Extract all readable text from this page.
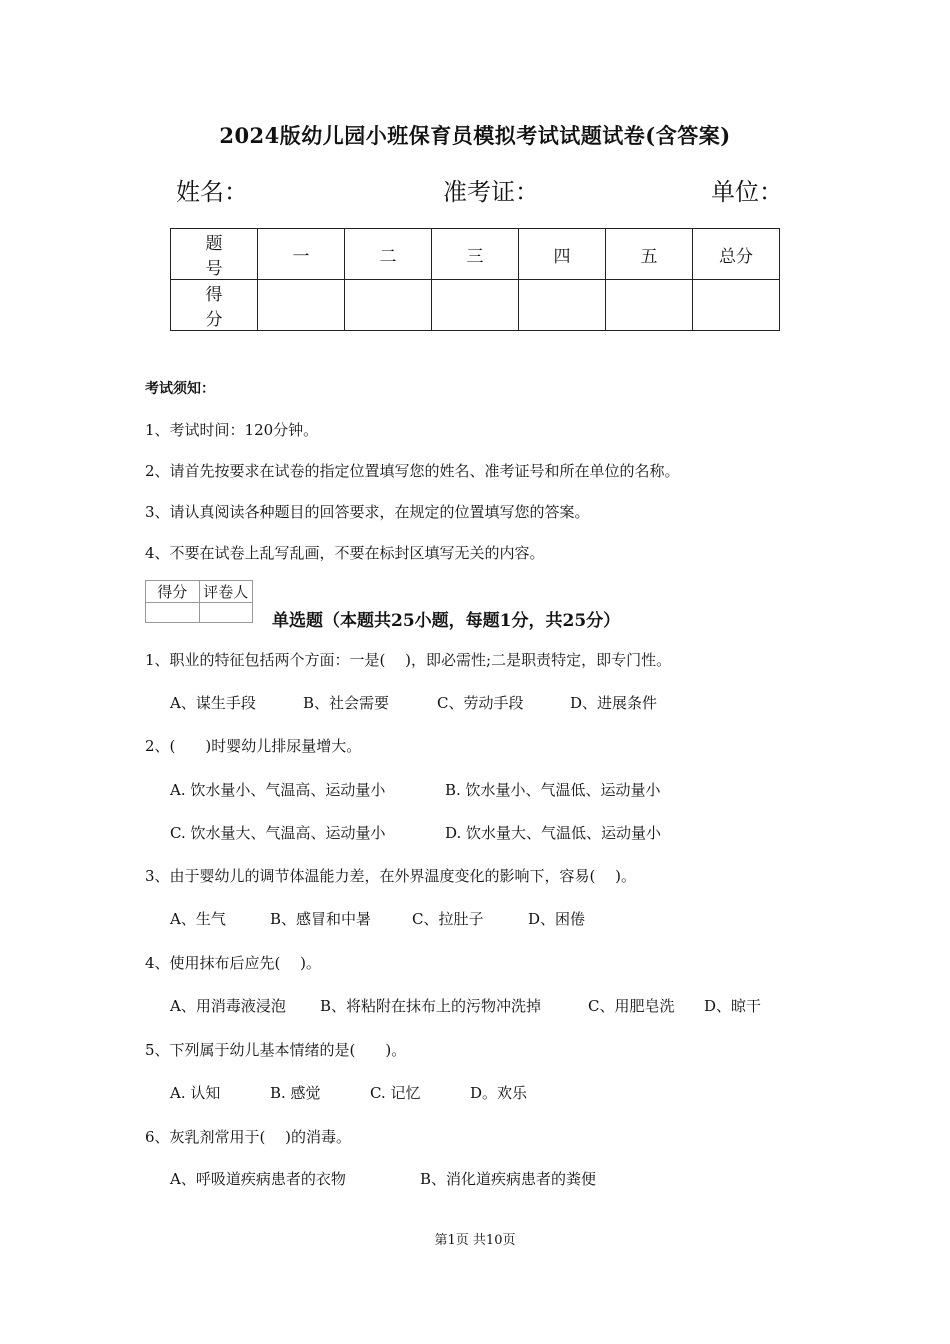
2024版幼儿园小班保育员模拟考试试题试卷(含答案)
姓名：	准考证：	单位：
题号	一	二	三	四	五	总分
得分						
考试须知：
1、考试时间：120分钟。
2、请首先按要求在试卷的指定位置填写您的姓名、准考证号和所在单位的名称。
3、请认真阅读各种题目的回答要求，在规定的位置填写您的答案。
4、不要在试卷上乱写乱画，不要在标封区填写无关的内容。
得分	评卷人

单选题（本题共25小题，每题1分，共25分）
1、职业的特征包括两个方面：一是(　 )，即必需性;二是职责特定，即专门性。
A、谋生手段	B、社会需要	C、劳动手段	D、进展条件
2、(　　)时婴幼儿排尿量增大。
A. 饮水量小、气温高、运动量小	B. 饮水量小、气温低、运动量小
C. 饮水量大、气温高、运动量小	D. 饮水量大、气温低、运动量小
3、由于婴幼儿的调节体温能力差，在外界温度变化的影响下，容易(　 )。
A、生气	B、感冒和中暑	C、拉肚子	D、困倦
4、使用抹布后应先(　 )。
A、用消毒液浸泡 B、将粘附在抹布上的污物冲洗掉	C、用肥皂洗 D、晾干
5、下列属于幼儿基本情绪的是(　　)。
A. 认知	B. 感觉	C. 记忆	D。欢乐
6、灰乳剂常用于(　 )的消毒。
A、呼吸道疾病患者的衣物	B、消化道疾病患者的粪便
第1页 共10页
